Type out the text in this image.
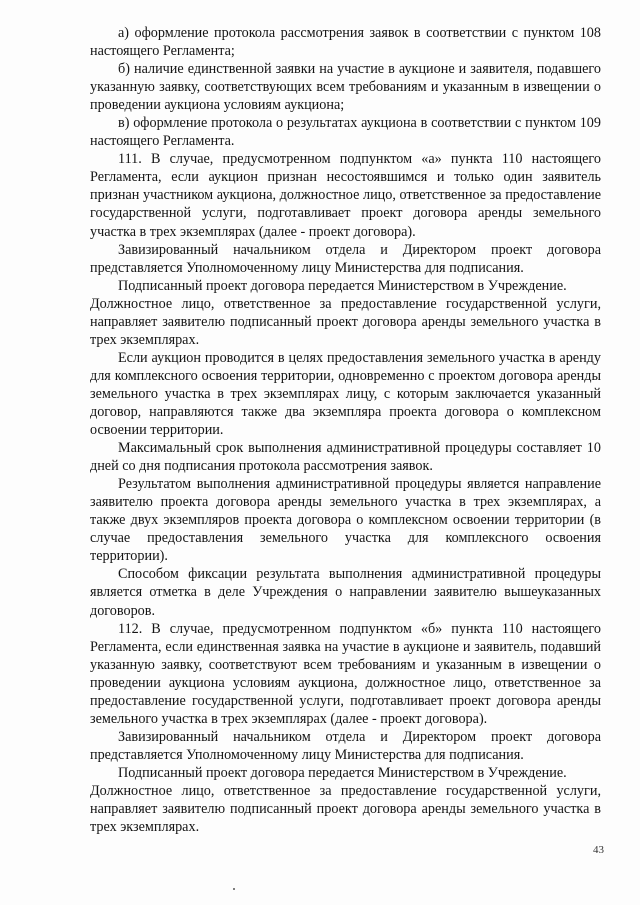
а) оформление протокола рассмотрения заявок в соответствии с пунктом 108 настоящего Регламента;

б) наличие единственной заявки на участие в аукционе и заявителя, подавшего указанную заявку, соответствующих всем требованиям и указанным в извещении о проведении аукциона условиям аукциона;

в) оформление протокола о результатах аукциона в соответствии с пунктом 109 настоящего Регламента.

111. В случае, предусмотренном подпунктом «а» пункта 110 настоящего Регламента, если аукцион признан несостоявшимся и только один заявитель признан участником аукциона, должностное лицо, ответственное за предоставление государственной услуги, подготавливает проект договора аренды земельного участка в трех экземплярах (далее - проект договора).

Завизированный начальником отдела и Директором проект договора представляется Уполномоченному лицу Министерства для подписания.

Подписанный проект договора передается Министерством в Учреждение.

Должностное лицо, ответственное за предоставление государственной услуги, направляет заявителю подписанный проект договора аренды земельного участка в трех экземплярах.

Если аукцион проводится в целях предоставления земельного участка в аренду для комплексного освоения территории, одновременно с проектом договора аренды земельного участка в трех экземплярах лицу, с которым заключается указанный договор, направляются также два экземпляра проекта договора о комплексном освоении территории.

Максимальный срок выполнения административной процедуры составляет 10 дней со дня подписания протокола рассмотрения заявок.

Результатом выполнения административной процедуры является направление заявителю проекта договора аренды земельного участка в трех экземплярах, а также двух экземпляров проекта договора о комплексном освоении территории (в случае предоставления земельного участка для комплексного освоения территории).

Способом фиксации результата выполнения административной процедуры является отметка в деле Учреждения о направлении заявителю вышеуказанных договоров.

112. В случае, предусмотренном подпунктом «б» пункта 110 настоящего Регламента, если единственная заявка на участие в аукционе и заявитель, подавший указанную заявку, соответствуют всем требованиям и указанным в извещении о проведении аукциона условиям аукциона, должностное лицо, ответственное за предоставление государственной услуги, подготавливает проект договора аренды земельного участка в трех экземплярах (далее - проект договора).

Завизированный начальником отдела и Директором проект договора представляется Уполномоченному лицу Министерства для подписания.

Подписанный проект договора передается Министерством в Учреждение.

Должностное лицо, ответственное за предоставление государственной услуги, направляет заявителю подписанный проект договора аренды земельного участка в трех экземплярах.

43
